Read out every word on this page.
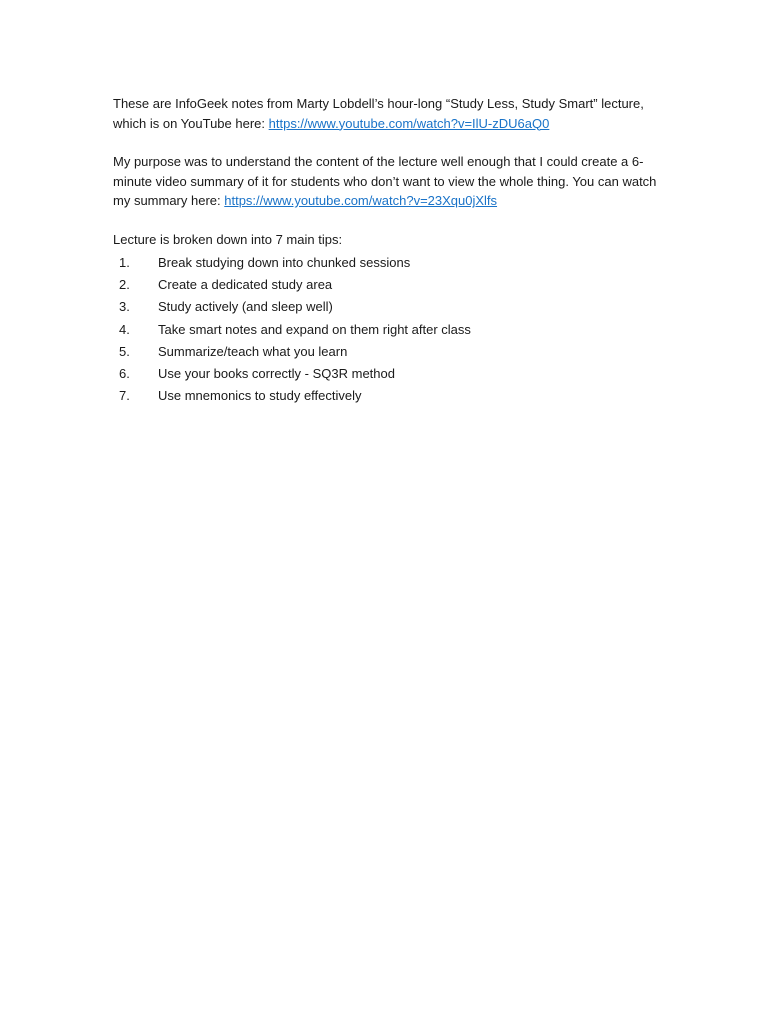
These are InfoGeek notes from Marty Lobdell’s hour-long “Study Less, Study Smart” lecture, which is on YouTube here: https://www.youtube.com/watch?v=IlU-zDU6aQ0

My purpose was to understand the content of the lecture well enough that I could create a 6-minute video summary of it for students who don’t want to view the whole thing. You can watch my summary here: https://www.youtube.com/watch?v=23Xqu0jXlfs

Lecture is broken down into 7 main tips:

1.	Break studying down into chunked sessions
2.	Create a dedicated study area
3.	Study actively (and sleep well)
4.	Take smart notes and expand on them right after class
5.	Summarize/teach what you learn
6.	Use your books correctly - SQ3R method
7.	Use mnemonics to study effectively
